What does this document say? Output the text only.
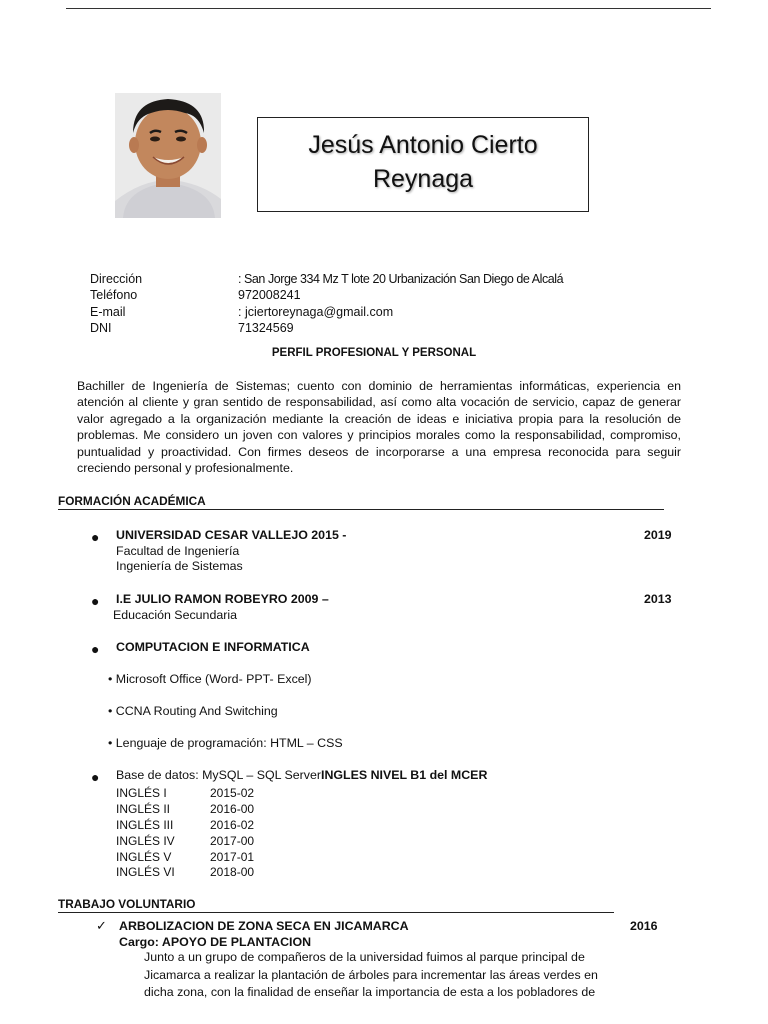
Jesús Antonio Cierto
Reynaga
Dirección	: San Jorge 334 Mz T lote 20 Urbanización San Diego de Alcalá
Teléfono	972008241
E-mail	: jciertoreynaga@gmail.com
DNI	71324569
PERFIL PROFESIONAL Y PERSONAL
Bachiller de Ingeniería de Sistemas; cuento con dominio de herramientas informáticas, experiencia en atención al cliente y gran sentido de responsabilidad, así como alta vocación de servicio, capaz de generar valor agregado a la organización mediante la creación de ideas e iniciativa propia para la resolución de problemas. Me considero un joven con valores y principios morales como la responsabilidad, compromiso, puntualidad y proactividad. Con firmes deseos de incorporarse a una empresa reconocida para seguir creciendo personal y profesionalmente.
FORMACIÓN ACADÉMICA
● UNIVERSIDAD CESAR VALLEJO 2015 -	2019
Facultad de Ingeniería
Ingeniería de Sistemas
● I.E JULIO RAMON ROBEYRO 2009 –	2013
Educación Secundaria
● COMPUTACION E INFORMATICA
• Microsoft Office (Word- PPT- Excel)
• CCNA Routing And Switching
• Lenguaje de programación: HTML – CSS
● Base de datos: MySQL – SQL ServerINGLES NIVEL B1 del MCER
INGLÉS I	2015-02
INGLÉS II	2016-00
INGLÉS III	2016-02
INGLÉS IV	2017-00
INGLÉS V	2017-01
INGLÉS VI	2018-00
TRABAJO VOLUNTARIO
✓ ARBOLIZACION DE ZONA SECA EN JICAMARCA	2016
Cargo: APOYO DE PLANTACION
Junto a un grupo de compañeros de la universidad fuimos al parque principal de
Jicamarca a realizar la plantación de árboles para incrementar las áreas verdes en
dicha zona, con la finalidad de enseñar la importancia de esta a los pobladores de
